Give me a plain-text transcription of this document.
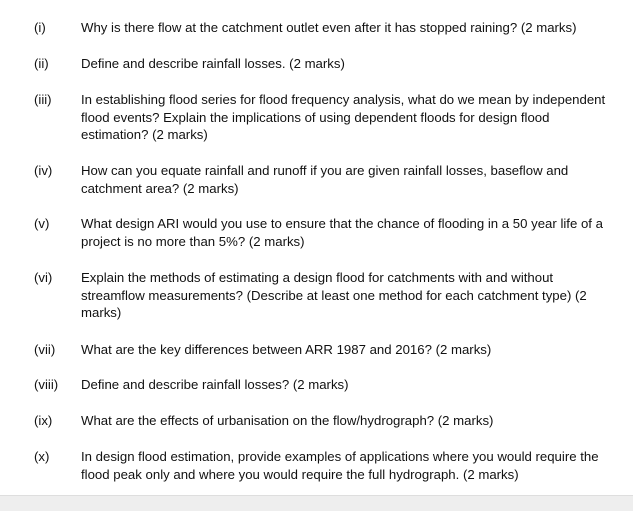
(i)	Why is there flow at the catchment outlet even after it has stopped raining? (2 marks)
(ii)	Define and describe rainfall losses. (2 marks)
(iii)	In establishing flood series for flood frequency analysis, what do we mean by independent flood events? Explain the implications of using dependent floods for design flood estimation? (2 marks)
(iv)	How can you equate rainfall and runoff if you are given rainfall losses, baseflow and catchment area? (2 marks)
(v)	What design ARI would you use to ensure that the chance of flooding in a 50 year life of a project is no more than 5%? (2 marks)
(vi)	Explain the methods of estimating a design flood for catchments with and without streamflow measurements? (Describe at least one method for each catchment type) (2 marks)
(vii)	What are the key differences between ARR 1987 and 2016? (2 marks)
(viii)	Define and describe rainfall losses? (2 marks)
(ix)	What are the effects of urbanisation on the flow/hydrograph? (2 marks)
(x)	In design flood estimation, provide examples of applications where you would require the flood peak only and where you would require the full hydrograph. (2 marks)
